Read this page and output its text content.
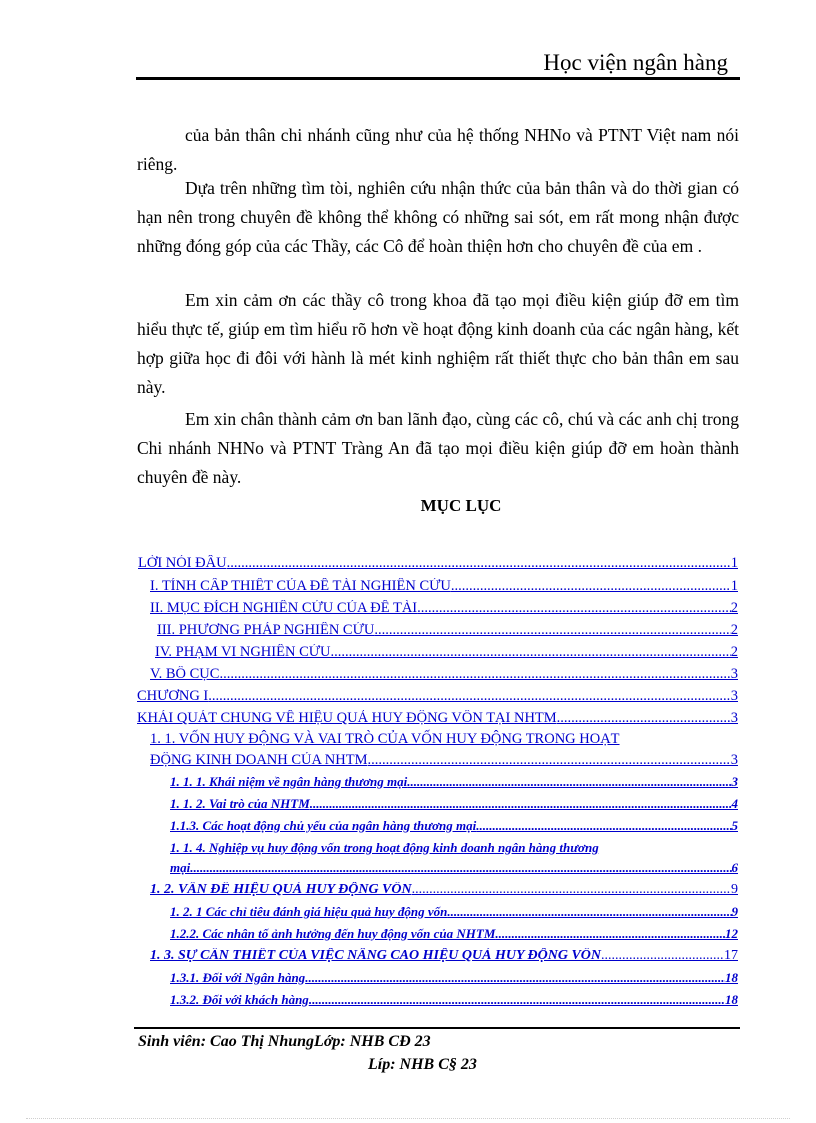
Học viện ngân hàng
của bản thân chi nhánh cũng như của hệ thống NHNo và PTNT Việt nam nói riêng.
Dựa trên những tìm tòi, nghiên cứu nhận thức của bản thân và do thời gian có hạn nên trong chuyên đề không thể không có những sai sót, em rất mong nhận được những đóng góp của các Thầy, các Cô để hoàn thiện hơn cho chuyên đề của em .
Em xin cảm ơn các thầy cô trong khoa đã tạo mọi điều kiện giúp đỡ em tìm hiểu thực tế, giúp em tìm hiểu rõ hơn về hoạt động kinh doanh của các ngân hàng, kết hợp giữa học đi đôi với hành là mét kinh nghiệm rất thiết thực cho bản thân em sau này.
Em xin chân thành cảm ơn ban lãnh đạo, cùng các cô, chú và các anh chị trong Chi nhánh NHNo và PTNT Tràng An đã tạo mọi điều kiện giúp đỡ em hoàn thành chuyên đề này.
MỤC LỤC
LỜI NÓI ĐẦU .....	1
I. TÍNH CẤP THIẾT CỦA ĐỀ TÀI NGHIÊN CỨU .....	1
II. MỤC ĐÍCH NGHIÊN CỨU CỦA ĐỀ TÀI .....	2
III. PHƯƠNG PHÁP NGHIÊN CỨU .....	2
IV. PHẠM VI NGHIÊN CỨU .....	2
V. BỐ CỤC .....	3
CHƯƠNG I .....	3
KHÁI QUÁT CHUNG VỀ HIỆU QUẢ HUY ĐỘNG VỐN TẠI NHTM .....	3
1. 1. VỐN HUY ĐỘNG VÀ VAI TRÒ CỦA VỐN HUY ĐỘNG TRONG HOẠT
ĐỘNG KINH DOANH CỦA NHTM .....	3
1. 1. 1. Khái niệm về ngân hàng thương mại .....	3
1. 1. 2. Vai trò của NHTM .....	4
1.1.3. Các hoạt động chủ yếu của ngân hàng thương mại .....	5
1. 1. 4. Nghiệp vụ huy động vốn trong hoạt động kinh doanh ngân hàng thương
mại. .....	6
1. 2. VẤN ĐỀ HIỆU QUẢ HUY ĐỘNG VỐN .....	9
1. 2. 1 Các chỉ tiêu đánh giá hiệu quả huy động vốn .....	9
1.2.2. Các nhân tố ảnh hưởng đến huy động vốn của NHTM .....	12
1. 3. SỰ CẦN THIẾT CỦA VIỆC NÂNG CAO HIỆU QUẢ HUY ĐỘNG VỐN .....	17
1.3.1. Đối với Ngân hàng .....	18
1.3.2. Đối với khách hàng .....	18
Sinh viên: Cao Thị NhungLớp: NHB CĐ 23
Líp: NHB C§ 23
